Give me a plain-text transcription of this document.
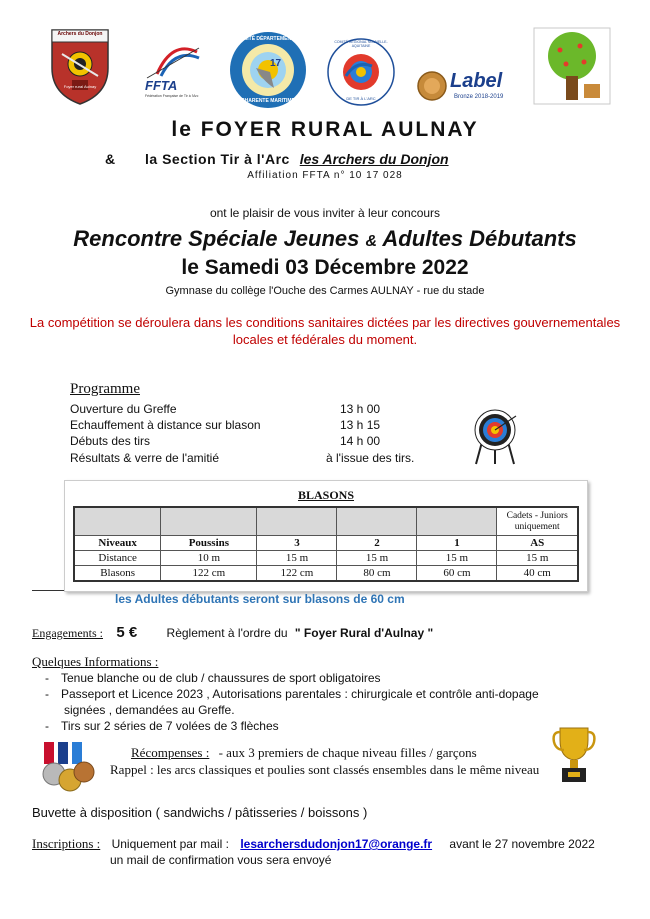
Archers du Donjon
Foyer rural Aulnay	FFTA
Fédération Française de Tir à l'Arc
COMITÉ DÉPARTEMENTAL
17
CHARENTE MARITIME
COMITÉ RÉGIONAL NOUVELLE-AQUITAINE
DE TIR À L'ARC
Label
Bronze 2018-2019
le FOYER RURAL AULNAY
& la Section Tir à l'Arc les Archers du Donjon
Affiliation FFTA n° 10 17 028
ont le plaisir de vous inviter à leur concours
Rencontre Spéciale Jeunes & Adultes Débutants
le Samedi 03 Décembre 2022
Gymnase du collège l'Ouche des Carmes AULNAY - rue du stade
La compétition se déroulera dans les conditions sanitaires dictées par les directives gouvernementales
locales et fédérales du moment.
Programme
Ouverture du Greffe	13 h 00
Echauffement à distance sur blason	13 h 15
Débuts des tirs	14 h 00
Résultats & verre de l'amitié	à l'issue des tirs.
BLASONS
					Cadets - Juniors uniquement
Niveaux	Poussins	3	2	1	AS
Distance	10 m	15 m	15 m	15 m	15 m
Blasons	122 cm	122 cm	80 cm	60 cm	40 cm
les Adultes débutants seront sur blasons de 60 cm
Engagements : 5 € Règlement à l'ordre du " Foyer Rural d'Aulnay "
Quelques Informations :
- Tenue blanche ou de club / chaussures de sport obligatoires
- Passeport et Licence 2023 , Autorisations parentales : chirurgicale et contrôle anti-dopage
signées , demandées au Greffe.
- Tirs sur 2 séries de 7 volées de 3 flèches
Récompenses : - aux 3 premiers de chaque niveau filles / garçons
Rappel : les arcs classiques et poulies sont classés ensembles dans le même niveau
Buvette à disposition ( sandwichs / pâtisseries / boissons )
Inscriptions : Uniquement par mail : lesarchersdudonjon17@orange.fr avant le 27 novembre 2022
un mail de confirmation vous sera envoyé
